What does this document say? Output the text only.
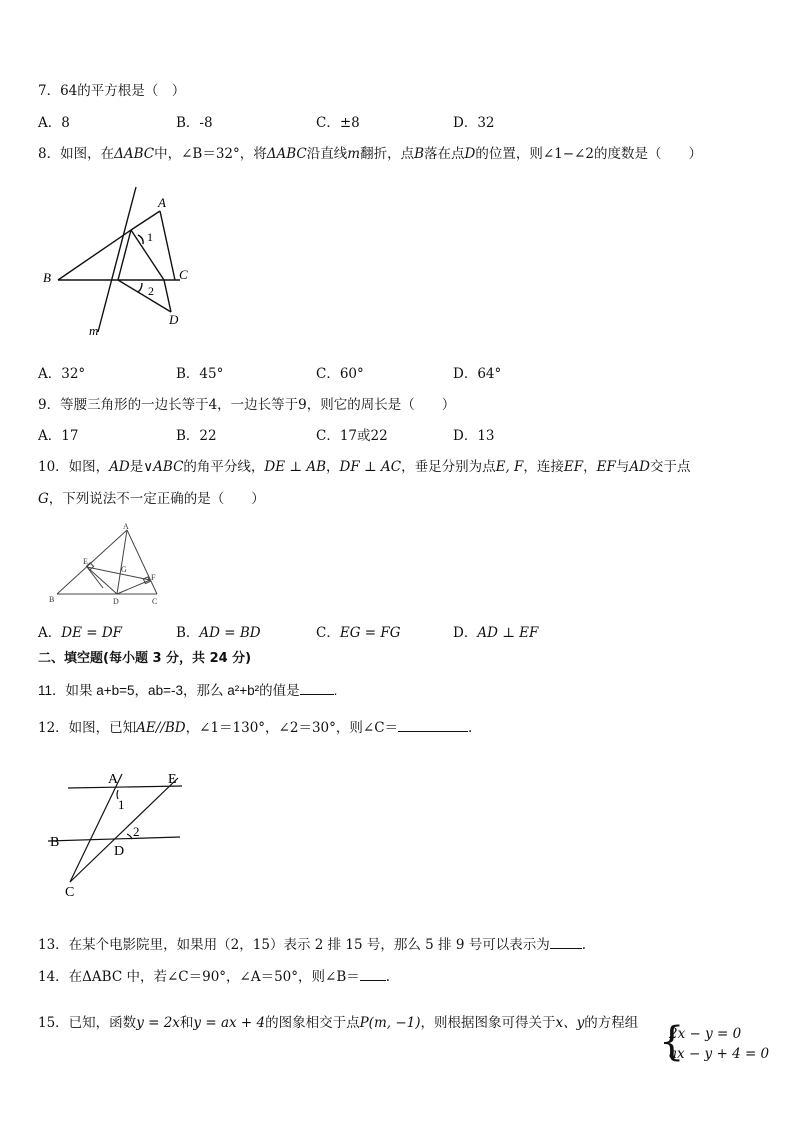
7．64的平方根是（　）
A．8	B．-8	C．±8	D．32
8．如图，在ΔABC中，∠B＝32°，将ΔABC沿直线m翻折，点B落在点D的位置，则∠1−∠2的度数是（　　）
A
B	C
D
m
1
2
A．32°	B．45°	C．60°	D．64°
9．等腰三角形的一边长等于4，一边长等于9，则它的周长是（　　）
A．17	B．22	C．17或22	D．13
10．如图，AD是∨ABC的角平分线，DE ⊥ AB，DF ⊥ AC，垂足分别为点E, F，连接EF，EF与AD交于点
G，下列说法不一定正确的是（　　）
A
B	C
D
E
F
G
A．DE = DF	B．AD = BD	C．EG = FG	D．AD ⊥ EF
二、填空题(每小题 3 分，共 24 分)
11．如果 a+b=5，ab=-3，那么 a²+b²的值是	.
12．如图，已知AE//BD，∠1＝130°，∠2＝30°，则∠C＝	.
A	E
B
D
C
1
2
13．在某个电影院里，如果用（2，15）表示 2 排 15 号，那么 5 排 9 号可以表示为 .
14．在ΔABC 中，若∠C＝90°，∠A＝50°，则∠B＝ .
15．已知，函数y = 2x和y = ax + 4的图象相交于点P(m, −1)，则根据图象可得关于x、y的方程组 {
2x − y = 0
ax − y + 4 = 0
